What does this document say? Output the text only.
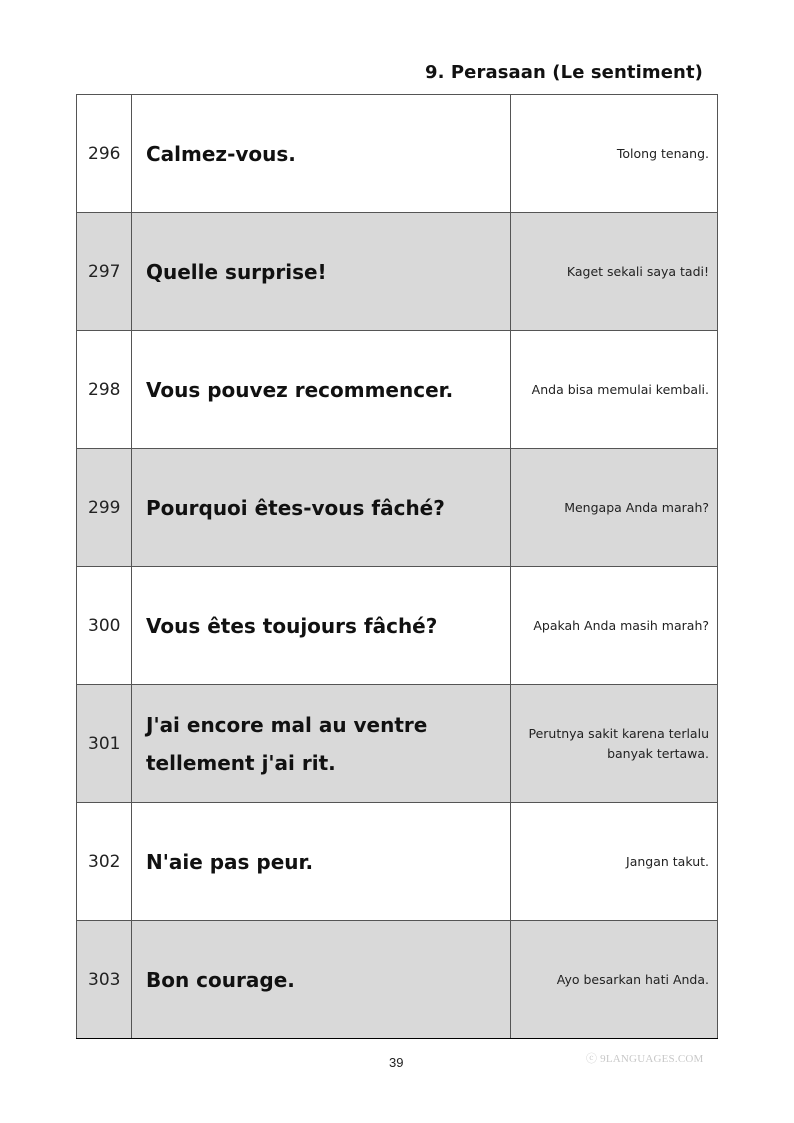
9. Perasaan (Le sentiment)
296	Calmez-vous.	Tolong tenang.
297	Quelle surprise!	Kaget sekali saya tadi!
298	Vous pouvez recommencer.	Anda bisa memulai kembali.
299	Pourquoi êtes-vous fâché?	Mengapa Anda marah?
300	Vous êtes toujours fâché?	Apakah Anda masih marah?
301	J'ai encore mal au ventre tellement j'ai rit.	Perutnya sakit karena terlalu banyak tertawa.
302	N'aie pas peur.	Jangan takut.
303	Bon courage.	Ayo besarkan hati Anda.
39	ⓒ 9LANGUAGES.COM
